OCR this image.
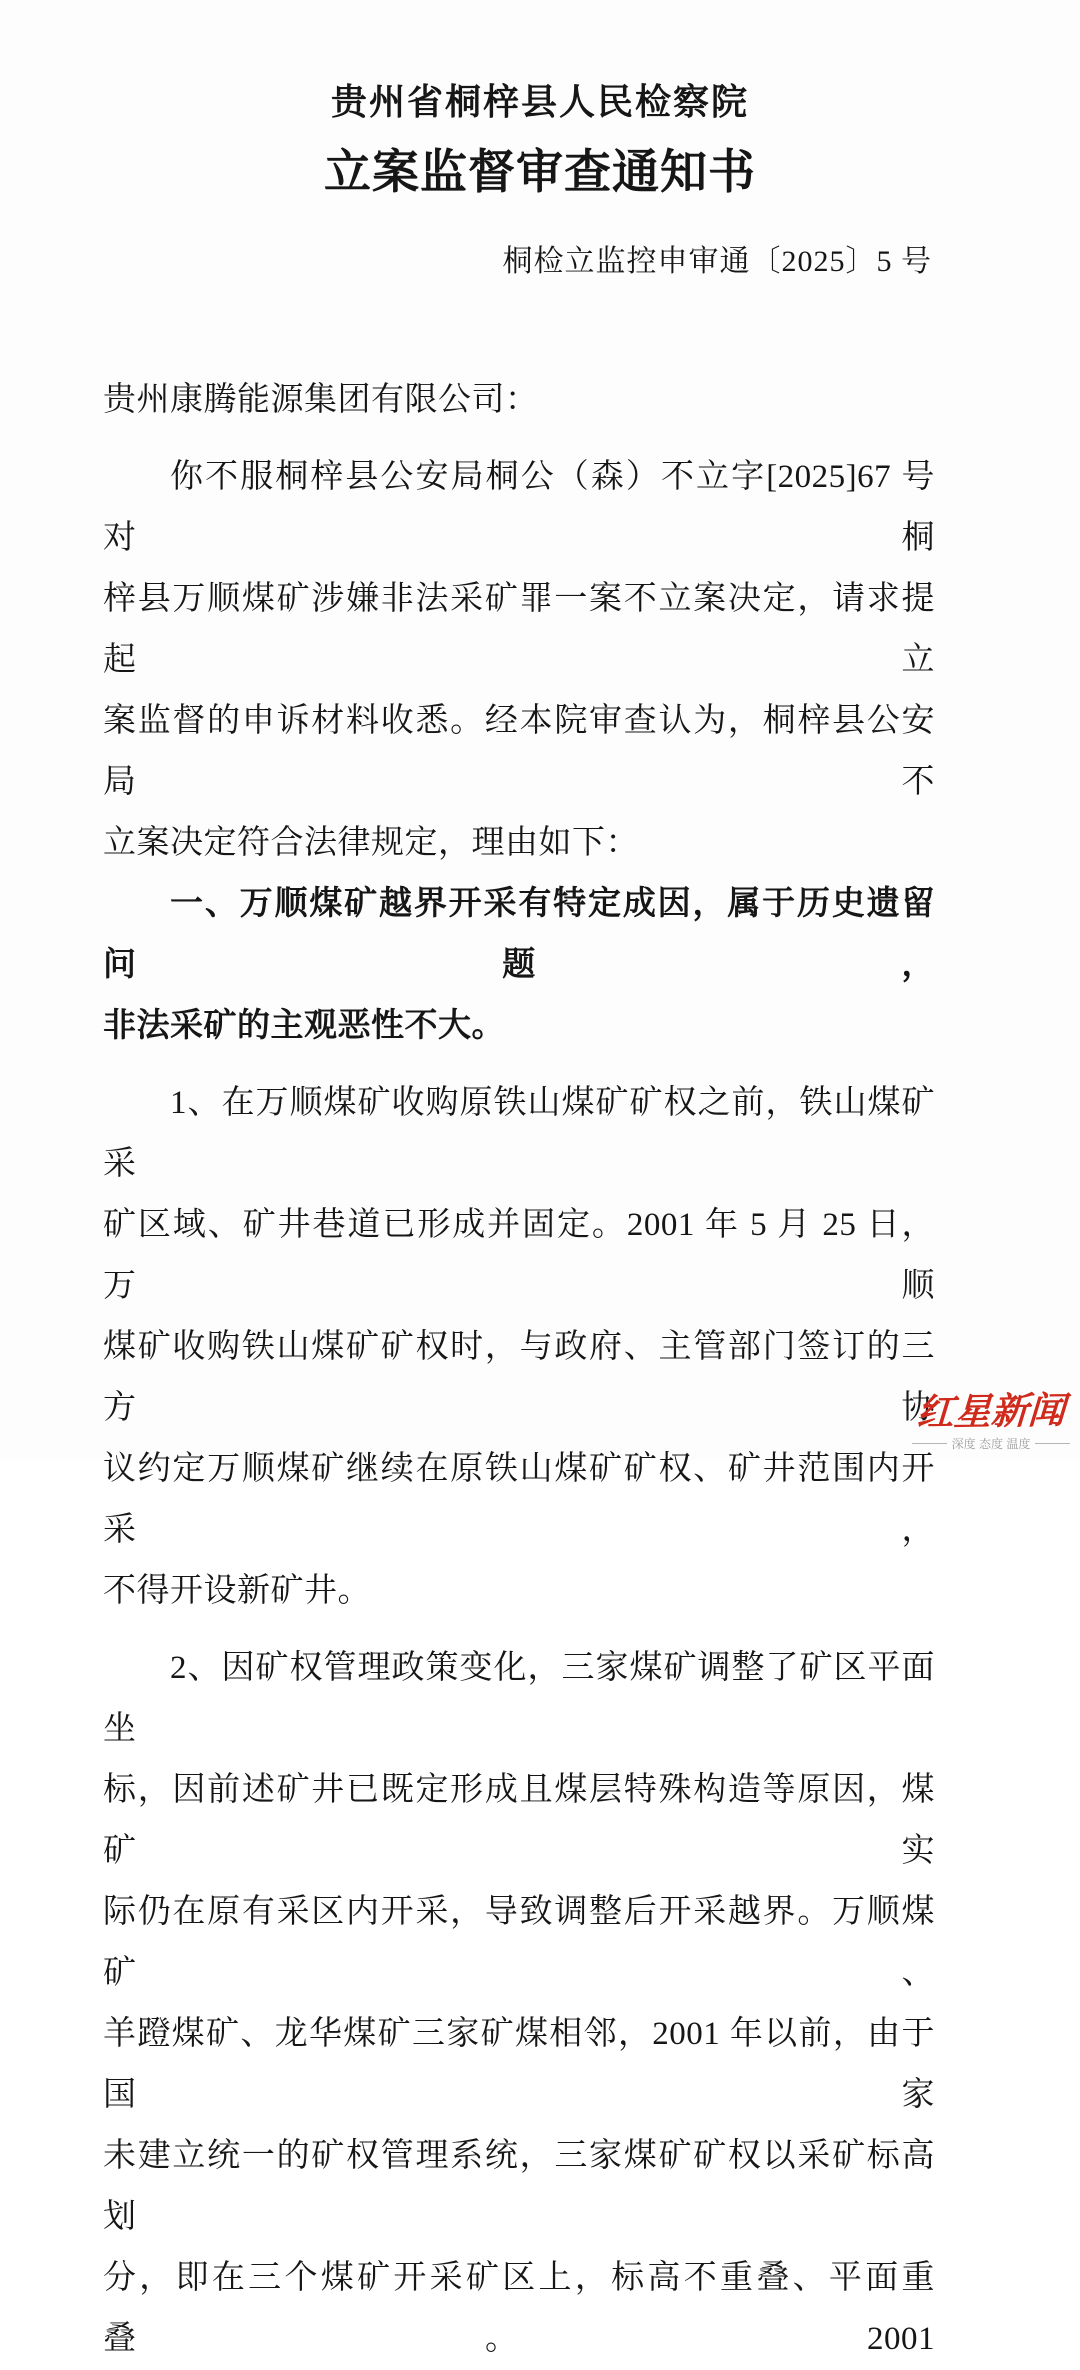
贵州省桐梓县人民检察院
立案监督审查通知书
桐检立监控申审通〔2025〕5 号
贵州康腾能源集团有限公司：
你不服桐梓县公安局桐公（森）不立字[2025]67 号对桐
梓县万顺煤矿涉嫌非法采矿罪一案不立案决定，请求提起立
案监督的申诉材料收悉。经本院审查认为，桐梓县公安局不
立案决定符合法律规定，理由如下：
一、万顺煤矿越界开采有特定成因，属于历史遗留问题，
非法采矿的主观恶性不大。
1、在万顺煤矿收购原铁山煤矿矿权之前，铁山煤矿采
矿区域、矿井巷道已形成并固定。2001 年 5 月 25 日，万顺
煤矿收购铁山煤矿矿权时，与政府、主管部门签订的三方协
议约定万顺煤矿继续在原铁山煤矿矿权、矿井范围内开采，
不得开设新矿井。
2、因矿权管理政策变化，三家煤矿调整了矿区平面坐
标，因前述矿井已既定形成且煤层特殊构造等原因，煤矿实
际仍在原有采区内开采，导致调整后开采越界。万顺煤矿、
羊蹬煤矿、龙华煤矿三家矿煤相邻，2001 年以前，由于国家
未建立统一的矿权管理系统，三家煤矿矿权以采矿标高划
分，即在三个煤矿开采矿区上，标高不重叠、平面重叠。2001
红星新闻
深度 态度 温度
